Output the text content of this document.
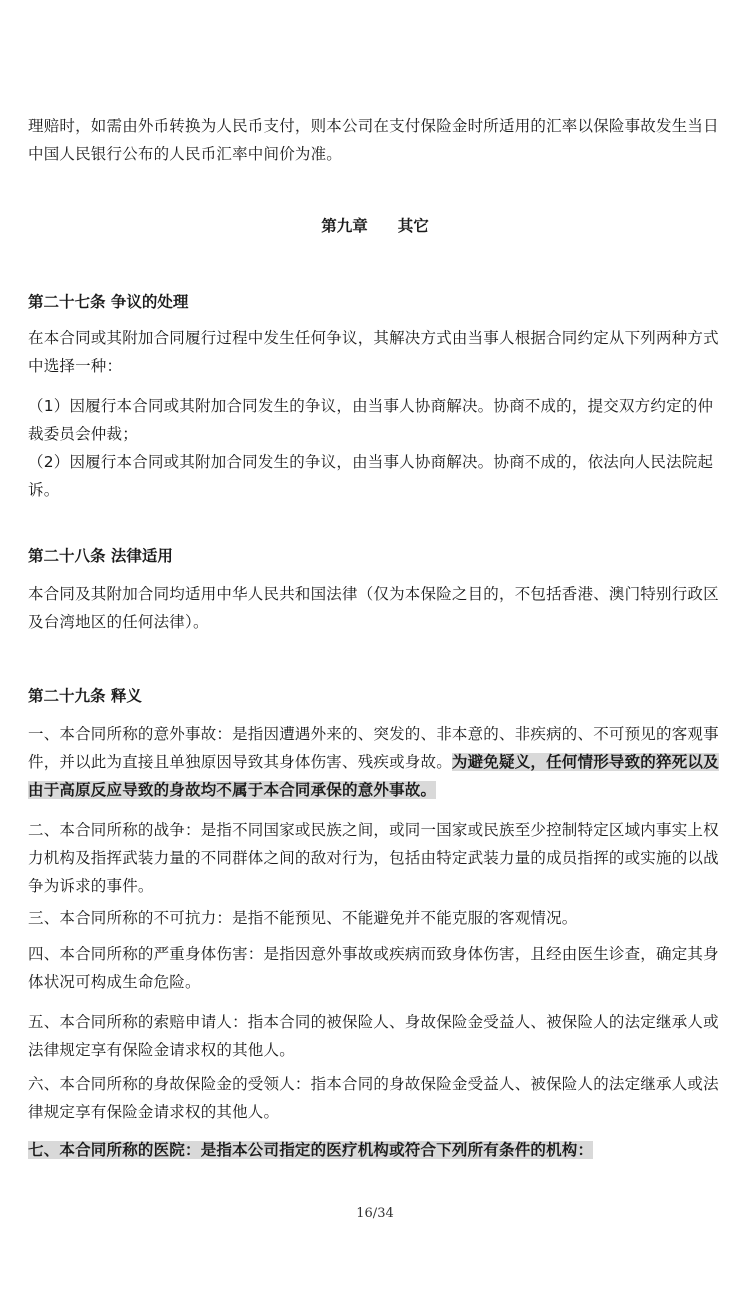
理赔时，如需由外币转换为人民币支付，则本公司在支付保险金时所适用的汇率以保险事故发生当日中国人民银行公布的人民币汇率中间价为准。

第九章 其它

第二十七条 争议的处理

在本合同或其附加合同履行过程中发生任何争议，其解决方式由当事人根据合同约定从下列两种方式中选择一种：

（1）因履行本合同或其附加合同发生的争议，由当事人协商解决。协商不成的，提交双方约定的仲裁委员会仲裁；

（2）因履行本合同或其附加合同发生的争议，由当事人协商解决。协商不成的，依法向人民法院起诉。

第二十八条 法律适用

本合同及其附加合同均适用中华人民共和国法律（仅为本保险之目的，不包括香港、澳门特别行政区及台湾地区的任何法律）。

第二十九条 释义

一、本合同所称的意外事故：是指因遭遇外来的、突发的、非本意的、非疾病的、不可预见的客观事件，并以此为直接且单独原因导致其身体伤害、残疾或身故。为避免疑义，任何情形导致的猝死以及由于高原反应导致的身故均不属于本合同承保的意外事故。

二、本合同所称的战争：是指不同国家或民族之间，或同一国家或民族至少控制特定区域内事实上权力机构及指挥武装力量的不同群体之间的敌对行为，包括由特定武装力量的成员指挥的或实施的以战争为诉求的事件。

三、本合同所称的不可抗力：是指不能预见、不能避免并不能克服的客观情况。

四、本合同所称的严重身体伤害：是指因意外事故或疾病而致身体伤害，且经由医生诊查，确定其身体状况可构成生命危险。

五、本合同所称的索赔申请人：指本合同的被保险人、身故保险金受益人、被保险人的法定继承人或法律规定享有保险金请求权的其他人。

六、本合同所称的身故保险金的受领人：指本合同的身故保险金受益人、被保险人的法定继承人或法律规定享有保险金请求权的其他人。

七、本合同所称的医院：是指本公司指定的医疗机构或符合下列所有条件的机构：

16/34
